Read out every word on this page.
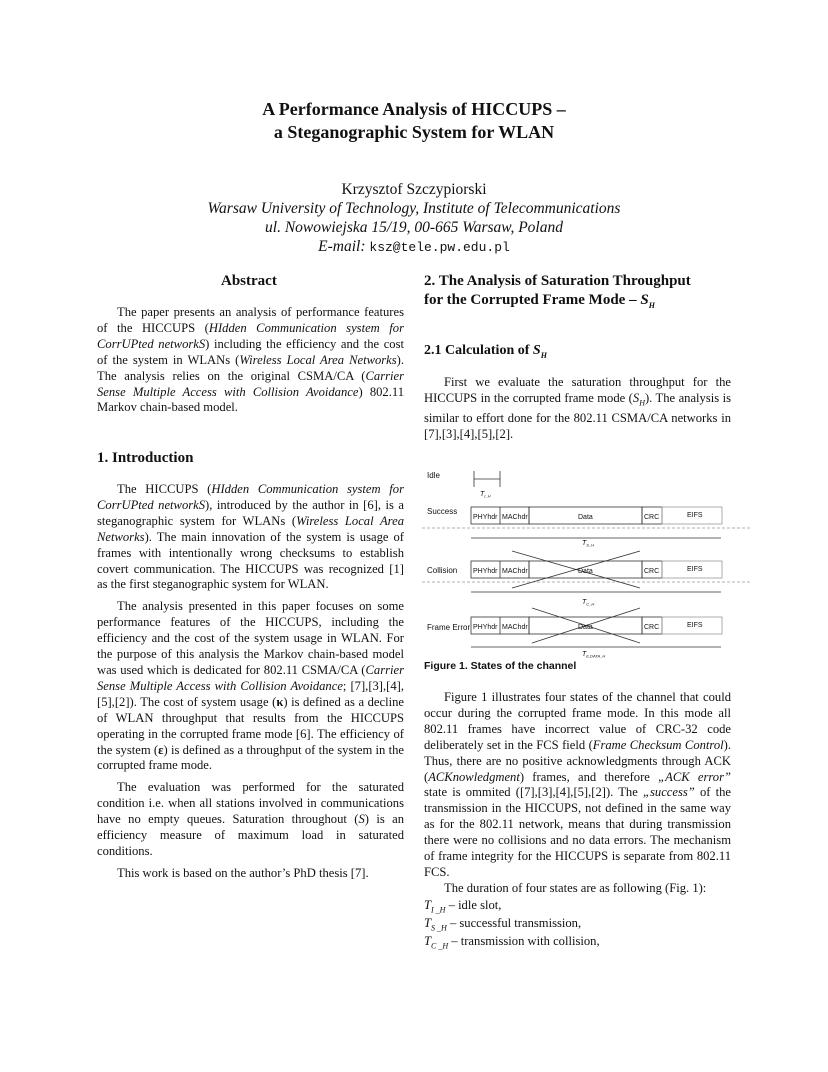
A Performance Analysis of HICCUPS –
a Steganographic System for WLAN
Krzysztof Szczypiorski
Warsaw University of Technology, Institute of Telecommunications
ul. Nowowiejska 15/19, 00-665 Warsaw, Poland
E-mail: ksz@tele.pw.edu.pl
Abstract

The paper presents an analysis of performance features of the HICCUPS (HIdden Communication system for CorrUPted networkS) including the efficiency and the cost of the system in WLANs (Wireless Local Area Networks). The analysis relies on the original CSMA/CA (Carrier Sense Multiple Access with Collision Avoidance) 802.11 Markov chain-based model.

1. Introduction

The HICCUPS (HIdden Communication system for CorrUPted networkS), introduced by the author in [6], is a steganographic system for WLANs (Wireless Local Area Networks). The main innovation of the system is usage of frames with intentionally wrong checksums to establish covert communication. The HICCUPS was recognized [1] as the first steganographic system for WLAN.

The analysis presented in this paper focuses on some performance features of the HICCUPS, including the efficiency and the cost of the system usage in WLAN. For the purpose of this analysis the Markov chain-based model was used which is dedicated for 802.11 CSMA/CA (Carrier Sense Multiple Access with Collision Avoidance; [7],[3],[4],[5],[2]). The cost of system usage (κ) is defined as a decline of WLAN throughput that results from the HICCUPS operating in the corrupted frame mode [6]. The efficiency of the system (ε) is defined as a throughput of the system in the corrupted frame mode.

The evaluation was performed for the saturated condition i.e. when all stations involved in communications have no empty queues. Saturation throughout (S) is an efficiency measure of maximum load in saturated conditions.

This work is based on the author’s PhD thesis [7].

2. The Analysis of Saturation Throughput
for the Corrupted Frame Mode – $S_H$
2.1 Calculation of $S_H$

First we evaluate the saturation throughput for the HICCUPS in the corrupted frame mode $(S_H)$. The analysis is similar to effort done for the 802.11 CSMA/CA networks in [7],[3],[4],[5],[2].

Idle
Success
Collision
Frame Error
PHYhdr MAChdr	Data	CRC	EIFS
PHYhdr MAChdr	Data	CRC	EIFS
PHYhdr MAChdr	Data	CRC	EIFS
$T_{I\_H}$
$T_{S\_H}$
$T_{C\_H}$
$T_{E,DATA\_H}$
Figure 1. States of the channel

Figure 1 illustrates four states of the channel that could occur during the corrupted frame mode. In this mode all 802.11 frames have incorrect value of CRC-32 code deliberately set in the FCS field (Frame Checksum Control). Thus, there are no positive acknowledgments through ACK (ACKnowledgment) frames, and therefore „ACK error” state is ommited ([7],[3],[4],[5],[2]). The „success” of the transmission in the HICCUPS, not defined in the same way as for the 802.11 network, means that during transmission there were no collisions and no data errors. The mechanism of frame integrity for the HICCUPS is separate from 802.11 FCS.

The duration of four states are as following (Fig. 1):

$T_{I \_H}$ – idle slot,
$T_{S \_H}$ – successful transmission,
$T_{C \_H}$ – transmission with collision,
